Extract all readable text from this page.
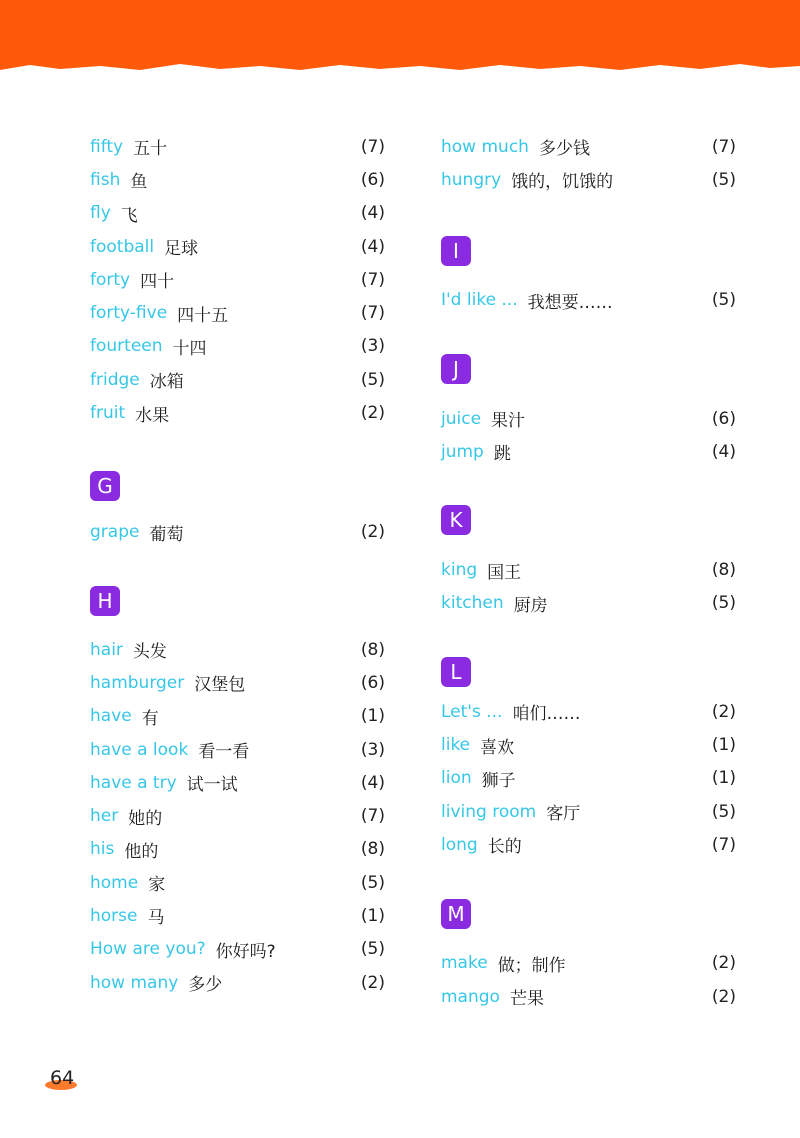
fifty 五十	(7)
fish 鱼	(6)
fly 飞	(4)
football 足球	(4)
forty 四十	(7)
forty-five 四十五	(7)
fourteen 十四	(3)
fridge 冰箱	(5)
fruit 水果	(2)
G
grape 葡萄	(2)
H
hair 头发	(8)
hamburger 汉堡包	(6)
have 有	(1)
have a look 看一看	(3)
have a try 试一试	(4)
her 她的	(7)
his 他的	(8)
home 家	(5)
horse 马	(1)
How are you? 你好吗?	(5)
how many 多少	(2)
how much 多少钱	(7)
hungry 饿的，饥饿的	(5)
I
I'd like ... 我想要……	(5)
J
juice 果汁	(6)
jump 跳	(4)
K
king 国王	(8)
kitchen 厨房	(5)
L
Let's ... 咱们……	(2)
like 喜欢	(1)
lion 狮子	(1)
living room 客厅	(5)
long 长的	(7)
M
make 做；制作	(2)
mango 芒果	(2)
64
